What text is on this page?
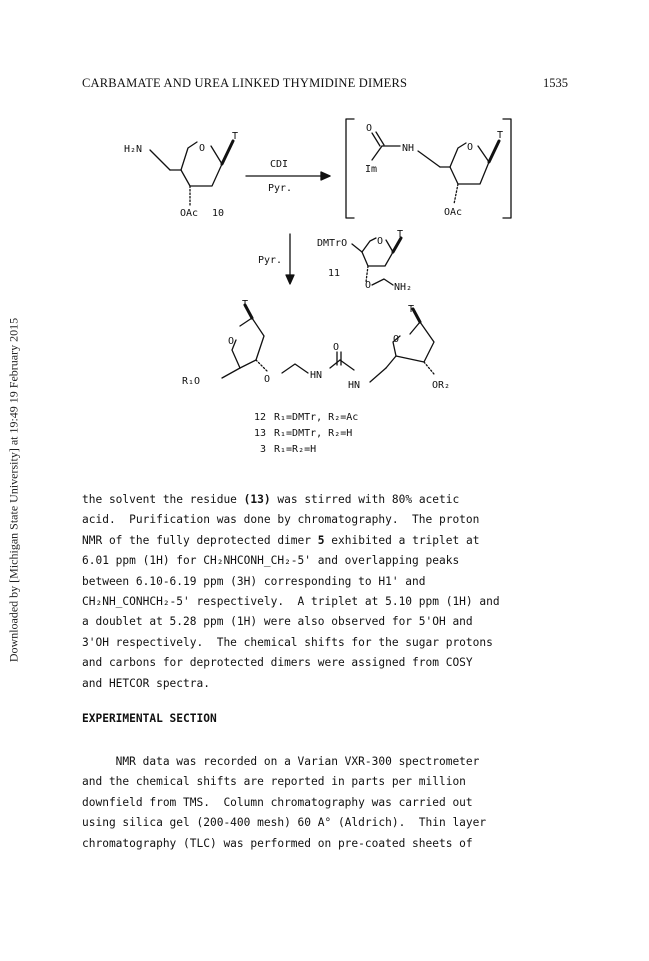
Downloaded by [Michigan State University] at 19:49 19 February 2015
CARBAMATE AND UREA LINKED THYMIDINE DIMERS	1535
H₂N	O
T
OAc 10
CDI
Pyr.
O
NH
Im
O
T
OAc
Pyr.
DMTrO	O
T
11
O NH₂
T	T
O	O
R₁O	O	HN
O
HN	OR₂
12 R₁=DMTr, R₂=Ac
13 R₁=DMTr, R₂=H
3 R₁=R₂=H

the solvent the residue (13) was stirred with 80% acetic
acid.  Purification was done by chromatography.  The proton
NMR of the fully deprotected dimer 5 exhibited a triplet at
6.01 ppm (1H) for CH₂NHCONH̲CH₂-5' and overlapping peaks
between 6.10-6.19 ppm (3H) corresponding to H1' and
CH₂NH̲CONHCH₂-5' respectively.  A triplet at 5.10 ppm (1H) and
a doublet at 5.28 ppm (1H) were also observed for 5'OH and
3'OH respectively.  The chemical shifts for the sugar protons
and carbons for deprotected dimers were assigned from COSY
and HETCOR spectra.

EXPERIMENTAL SECTION

NMR data was recorded on a Varian VXR-300 spectrometer
and the chemical shifts are reported in parts per million
downfield from TMS.  Column chromatography was carried out
using silica gel (200-400 mesh) 60 A° (Aldrich).  Thin layer
chromatography (TLC) was performed on pre-coated sheets of
